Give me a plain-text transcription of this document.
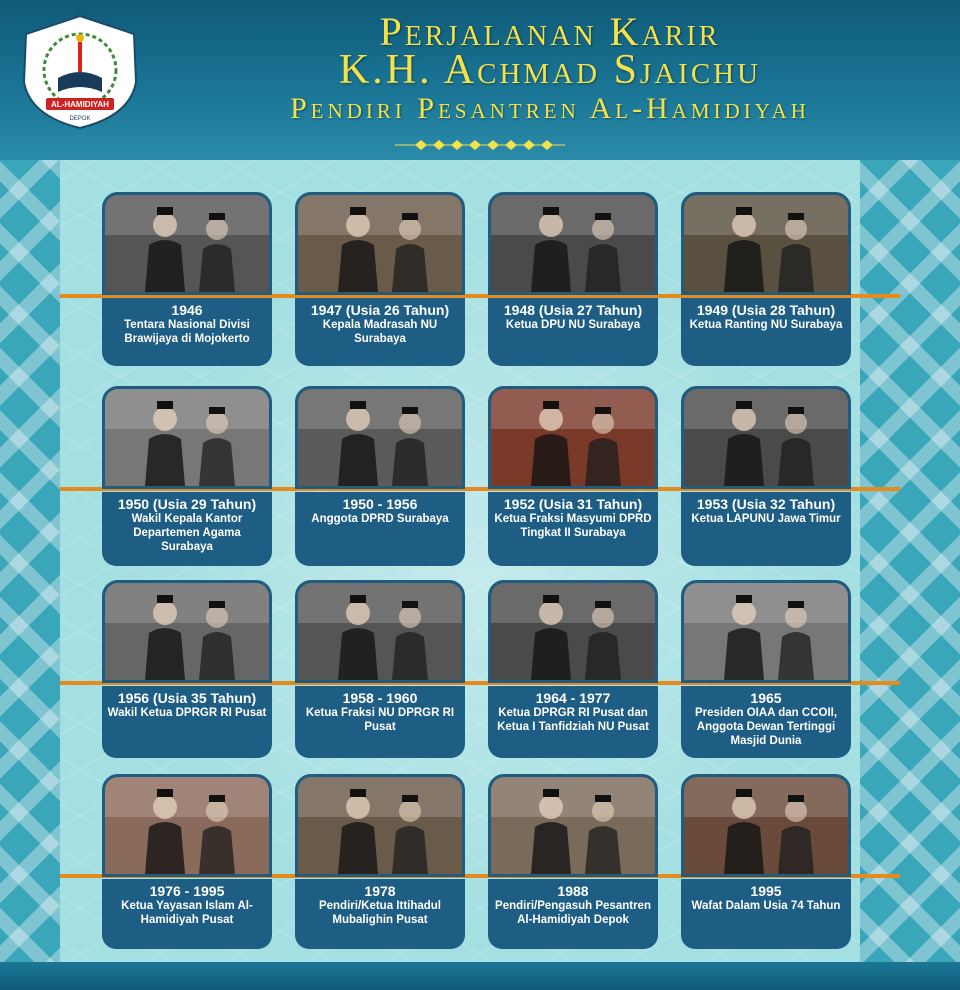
AL-HAMIDIYAH
DEPOK
Perjalanan Karir
K.H. Achmad Sjaichu
Pendiri Pesantren Al-Hamidiyah
1946
Tentara Nasional Divisi Brawijaya di Mojokerto
1947 (Usia 26 Tahun)
Kepala Madrasah NU Surabaya
1948 (Usia 27 Tahun)
Ketua DPU NU Surabaya
1949 (Usia 28 Tahun)
Ketua Ranting NU Surabaya
1950 (Usia 29 Tahun)
Wakil Kepala Kantor Departemen Agama Surabaya
1950 - 1956
Anggota DPRD Surabaya
1952 (Usia 31 Tahun)
Ketua Fraksi Masyumi DPRD Tingkat II Surabaya
1953 (Usia 32 Tahun)
Ketua LAPUNU Jawa Timur
1956 (Usia 35 Tahun)
Wakil Ketua DPRGR RI Pusat
1958 - 1960
Ketua Fraksi NU DPRGR RI Pusat
1964 - 1977
Ketua DPRGR RI Pusat dan Ketua I Tanfidziah NU Pusat
1965
Presiden OIAA dan CCOII, Anggota Dewan Tertinggi Masjid Dunia
1976 - 1995
Ketua Yayasan Islam Al-Hamidiyah Pusat
1978
Pendiri/Ketua Ittihadul Mubalighin Pusat
1988
Pendiri/Pengasuh Pesantren Al-Hamidiyah Depok
1995
Wafat Dalam Usia 74 Tahun
